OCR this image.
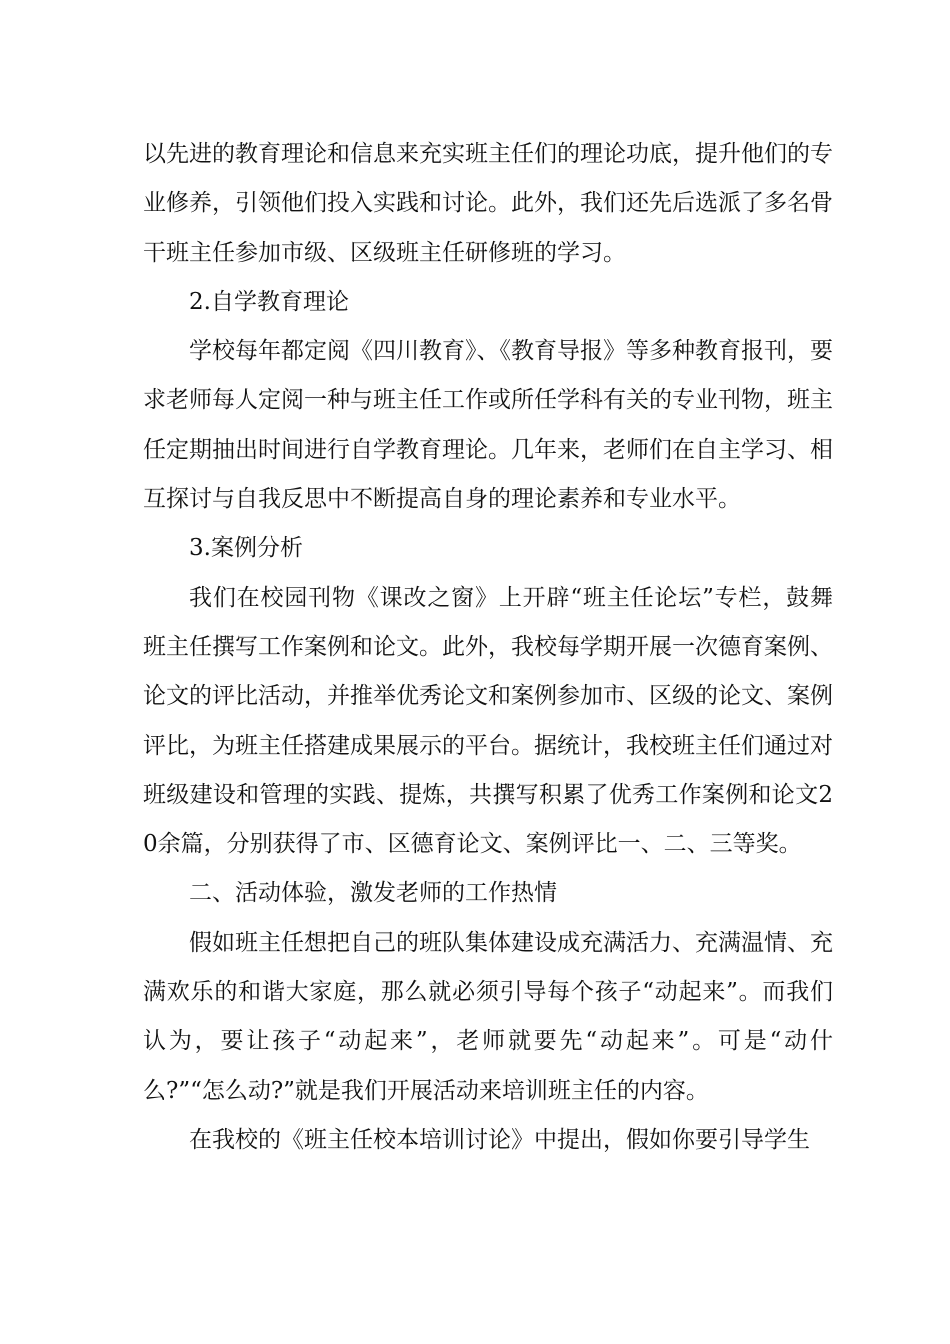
以先进的教育理论和信息来充实班主任们的理论功底，提升他们的专业修养，引领他们投入实践和讨论。此外，我们还先后选派了多名骨干班主任参加市级、区级班主任研修班的学习。

2.自学教育理论

学校每年都定阅《四川教育》、《教育导报》等多种教育报刊，要求老师每人定阅一种与班主任工作或所任学科有关的专业刊物，班主任定期抽出时间进行自学教育理论。几年来，老师们在自主学习、相互探讨与自我反思中不断提高自身的理论素养和专业水平。

3.案例分析

我们在校园刊物《课改之窗》上开辟“班主任论坛”专栏，鼓舞班主任撰写工作案例和论文。此外，我校每学期开展一次德育案例、论文的评比活动，并推举优秀论文和案例参加市、区级的论文、案例评比，为班主任搭建成果展示的平台。据统计，我校班主任们通过对班级建设和管理的实践、提炼，共撰写积累了优秀工作案例和论文20余篇，分别获得了市、区德育论文、案例评比一、二、三等奖。

二、活动体验，激发老师的工作热情

假如班主任想把自己的班队集体建设成充满活力、充满温情、充满欢乐的和谐大家庭，那么就必须引导每个孩子“动起来”。而我们认为，要让孩子“动起来”，老师就要先“动起来”。可是“动什么?”“怎么动?”就是我们开展活动来培训班主任的内容。

在我校的《班主任校本培训讨论》中提出，假如你要引导学生
